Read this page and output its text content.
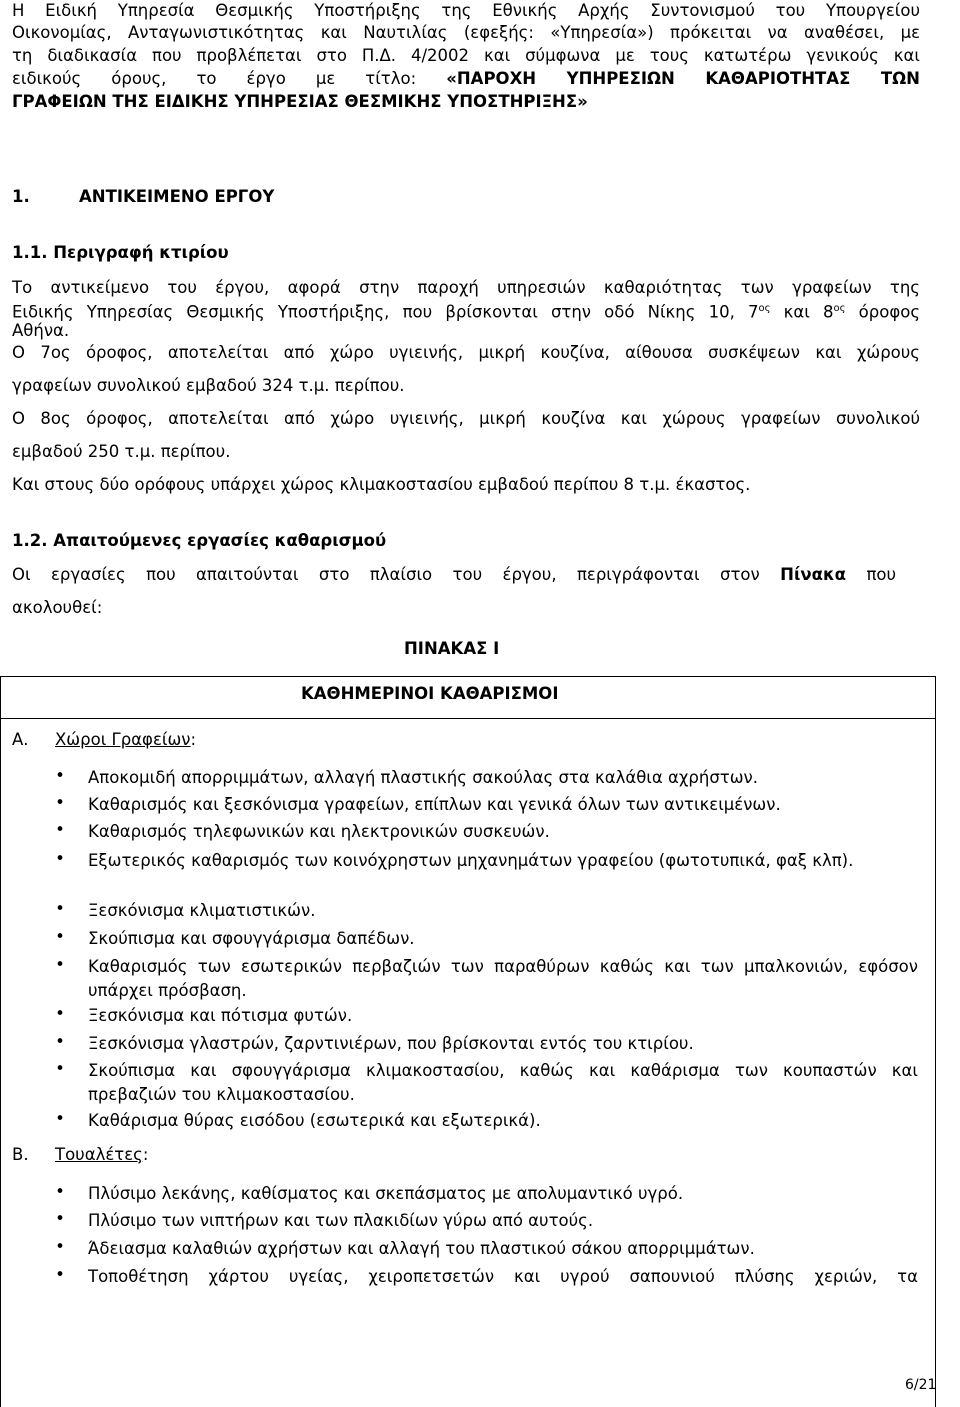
Η Ειδική Υπηρεσία Θεσμικής Υποστήριξης της Εθνικής Αρχής Συντονισμού του Υπουργείου
Οικονομίας, Ανταγωνιστικότητας και Ναυτιλίας (εφεξής: «Υπηρεσία») πρόκειται να αναθέσει, με
τη διαδικασία που προβλέπεται στο Π.Δ. 4/2002 και σύμφωνα με τους κατωτέρω γενικούς και
ειδικούς όρους, το έργο με τίτλο: «ΠΑΡΟΧΗ ΥΠΗΡΕΣΙΩΝ ΚΑΘΑΡΙΟΤΗΤΑΣ ΤΩΝ
ΓΡΑΦΕΙΩΝ ΤΗΣ ΕΙΔΙΚΗΣ ΥΠΗΡΕΣΙΑΣ ΘΕΣΜΙΚΗΣ ΥΠΟΣΤΗΡΙΞΗΣ»
1.	ΑΝΤΙΚΕΙΜΕΝΟ ΕΡΓΟΥ
1.1. Περιγραφή κτιρίου
Το αντικείμενο του έργου, αφορά στην παροχή υπηρεσιών καθαριότητας των γραφείων της
Ειδικής Υπηρεσίας Θεσμικής Υποστήριξης, που βρίσκονται στην οδό Νίκης 10, $7^{o\varsigma}$ και $8^{o\varsigma}$ όροφος
Αθήνα.
Ο 7ος όροφος, αποτελείται από χώρο υγιεινής, μικρή κουζίνα, αίθουσα συσκέψεων και χώρους
γραφείων συνολικού εμβαδού 324 τ.μ. περίπου.
Ο 8ος όροφος, αποτελείται από χώρο υγιεινής, μικρή κουζίνα και χώρους γραφείων συνολικού
εμβαδού 250 τ.μ. περίπου.
Και στους δύο ορόφους υπάρχει χώρος κλιμακοστασίου εμβαδού περίπου 8 τ.μ. έκαστος.
1.2. Απαιτούμενες εργασίες καθαρισμού
Οι εργασίες που απαιτούνται στο πλαίσιο του έργου, περιγράφονται στον Πίνακα που
ακολουθεί:
ΠΙΝΑΚΑΣ Ι
ΚΑΘΗΜΕΡΙΝΟΙ ΚΑΘΑΡΙΣΜΟΙ
Α. Χώροι Γραφείων:
•	Αποκομιδή απορριμμάτων, αλλαγή πλαστικής σακούλας στα καλάθια αχρήστων.
•	Καθαρισμός και ξεσκόνισμα γραφείων, επίπλων και γενικά όλων των αντικειμένων.
•	Καθαρισμός τηλεφωνικών και ηλεκτρονικών συσκευών.
•	Εξωτερικός καθαρισμός των κοινόχρηστων μηχανημάτων γραφείου (φωτοτυπικά, φαξ κλπ).
•	Ξεσκόνισμα κλιματιστικών.
•	Σκούπισμα και σφουγγάρισμα δαπέδων.
•	Καθαρισμός των εσωτερικών περβαζιών των παραθύρων καθώς και των μπαλκονιών, εφόσον υπάρχει πρόσβαση.
•	Ξεσκόνισμα και πότισμα φυτών.
•	Ξεσκόνισμα γλαστρών, ζαρντινιέρων, που βρίσκονται εντός του κτιρίου.
•	Σκούπισμα και σφουγγάρισμα κλιμακοστασίου, καθώς και καθάρισμα των κουπαστών και πρεβαζιών του κλιμακοστασίου.
•	Καθάρισμα θύρας εισόδου (εσωτερικά και εξωτερικά).
Β. Τουαλέτες:
•	Πλύσιμο λεκάνης, καθίσματος και σκεπάσματος με απολυμαντικό υγρό.
•	Πλύσιμο των νιπτήρων και των πλακιδίων γύρω από αυτούς.
•	Άδειασμα καλαθιών αχρήστων και αλλαγή του πλαστικού σάκου απορριμμάτων.
•	Τοποθέτηση χάρτου υγείας, χειροπετσετών και υγρού σαπουνιού πλύσης χεριών, τα
6/21
